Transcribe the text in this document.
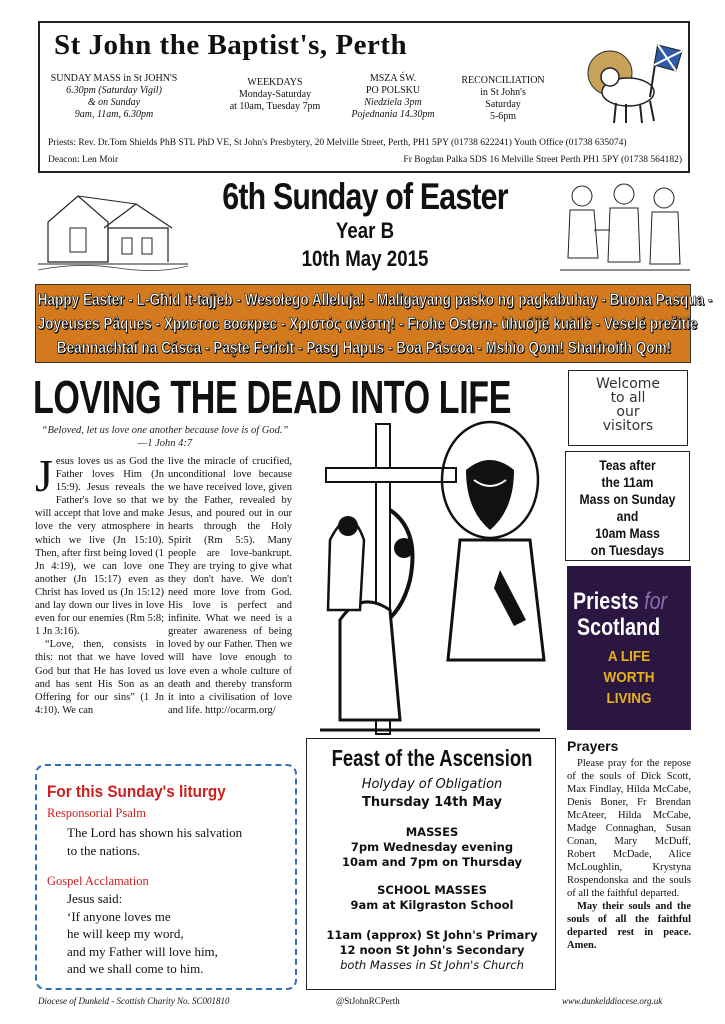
St John the Baptist's, Perth
SUNDAY MASS in St JOHN'S
6.30pm (Saturday Vigil)
& on Sunday
9am, 11am, 6.30pm
WEEKDAYS
Monday-Saturday
at 10am, Tuesday 7pm
MSZA ŚW.
PO POLSKU
Niedziela 3pm
Pojednania 14.30pm
RECONCILIATION
in St John's
Saturday
5-6pm
Priests: Rev. Dr.Tom Shields PhB STL PhD VE, St John's Presbytery, 20 Melville Street, Perth, PH1 5PY (01738 622241) Youth Office (01738 635074)
Deacon: Len Moir	Fr Bogdan Palka SDS 16 Melville Street Perth PH1 5PY (01738 564182)
6th Sunday of Easter
Year B
10th May 2015
Happy Easter - L-Għid it-tajjeb - Wesołego Alleluja! - Maligayang pasko ng pagkabuhay - Buona Pasqua -
Joyeuses Pâques - Христос воскрес - Χριστός ανέστη! - Frohe Ostern- ùhuójié kuàilè - Veselé prežitie
Beannachtaí na Cásca - Paşte Fericit - Pasg Hapus - Boa Páscoa - Mshìo Qom! Shariroith Qom!
LOVING THE DEAD INTO LIFE
“Beloved, let us love one another because love is of God.” —1 John 4:7
Welcome
to all
our
visitors
J esus loves us as God the Father loves Him (Jn 15:9). Jesus reveals the Father's love so that we will accept that love and make love the very atmosphere in which we live (Jn 15:10). Then, after first being loved (1 Jn 4:19), we can love one another (Jn 15:17) even as Christ has loved us (Jn 15:12) and lay down our lives in love even for our enemies (Rm 5:8; 1 Jn 3:16).

“Love, then, consists in this: not that we have loved God but that He has loved us and has sent His Son as an Offering for our sins” (1 Jn 4:10). We can

live the miracle of crucified, unconditional love because we have received love, given by the Father, revealed by Jesus, and poured out in our hearts through the Holy Spirit (Rm 5:5). Many people are love-bankrupt. They are trying to give what they don't have. We don't need more love from God. His love is perfect and infinite. What we need is a greater awareness of being loved by our Father. Then we will have love enough to love even a whole culture of death and thereby transform it into a civilisation of love and life. http://ocarm.org/
Teas after
the 11am
Mass on Sunday
and
10am Mass
on Tuesdays
Priests for
Scotland
A LIFE
WORTH
LIVING
For this Sunday's liturgy
Responsorial Psalm
The Lord has shown his salvation
to the nations.
Gospel Acclamation
Jesus said:
‘If anyone loves me
he will keep my word,
and my Father will love him,
and we shall come to him.
Feast of the Ascension
Holyday of Obligation
Thursday 14th May
MASSES
7pm Wednesday evening
10am and 7pm on Thursday
SCHOOL MASSES
9am at Kilgraston School
11am (approx) St John's Primary
12 noon St John's Secondary
both Masses in St John's Church
Prayers

Please pray for the repose of the souls of Dick Scott, Max Findlay, Hilda McCabe, Denis Boner, Fr Brendan McAteer, Hilda McCabe, Madge Connaghan, Susan Conan, Mary McDuff, Robert McDade, Alice McLoughlin, Krystyna Rospendonska and the souls of all the faithful departed.

May their souls and the souls of all the faithful departed rest in peace. Amen.

Diocese of Dunkeld - Scottish Charity No. SC001810	@StJohnRCPerth	www.dunkelddiocese.org.uk
